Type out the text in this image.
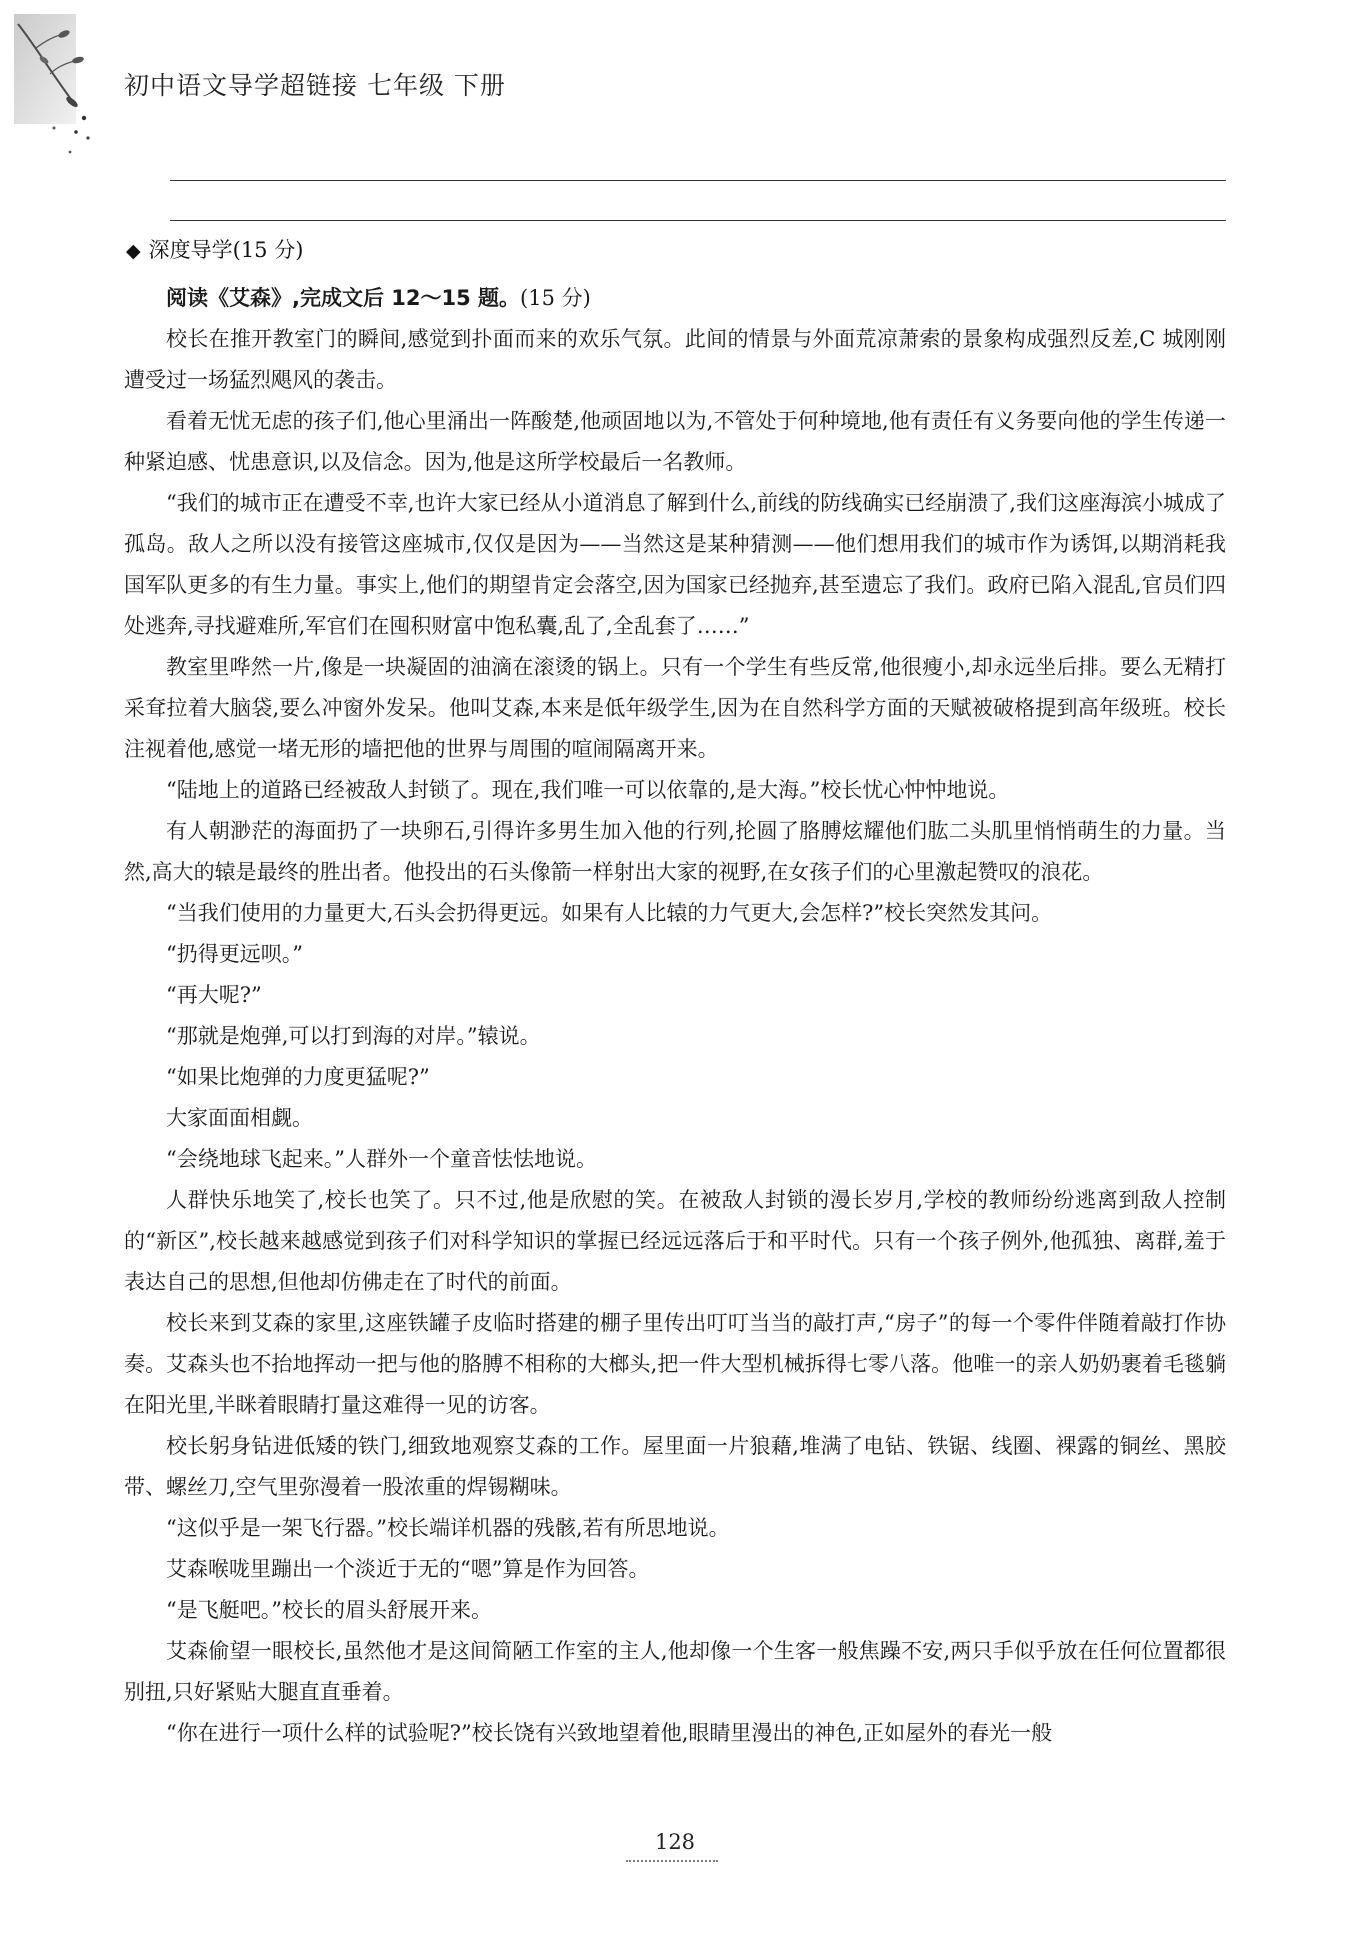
初中语文导学超链接 七年级 下册
◆ 深度导学(15 分)

阅读《艾森》,完成文后 12～15 题。(15 分)

校长在推开教室门的瞬间,感觉到扑面而来的欢乐气氛。此间的情景与外面荒凉萧索的景象构成强烈反差,C 城刚刚遭受过一场猛烈飓风的袭击。

看着无忧无虑的孩子们,他心里涌出一阵酸楚,他顽固地以为,不管处于何种境地,他有责任有义务要向他的学生传递一种紧迫感、忧患意识,以及信念。因为,他是这所学校最后一名教师。

“我们的城市正在遭受不幸,也许大家已经从小道消息了解到什么,前线的防线确实已经崩溃了,我们这座海滨小城成了孤岛。敌人之所以没有接管这座城市,仅仅是因为——当然这是某种猜测——他们想用我们的城市作为诱饵,以期消耗我国军队更多的有生力量。事实上,他们的期望肯定会落空,因为国家已经抛弃,甚至遗忘了我们。政府已陷入混乱,官员们四处逃奔,寻找避难所,军官们在囤积财富中饱私囊,乱了,全乱套了……”

教室里哗然一片,像是一块凝固的油滴在滚烫的锅上。只有一个学生有些反常,他很瘦小,却永远坐后排。要么无精打采耷拉着大脑袋,要么冲窗外发呆。他叫艾森,本来是低年级学生,因为在自然科学方面的天赋被破格提到高年级班。校长注视着他,感觉一堵无形的墙把他的世界与周围的喧闹隔离开来。

“陆地上的道路已经被敌人封锁了。现在,我们唯一可以依靠的,是大海。”校长忧心忡忡地说。

有人朝渺茫的海面扔了一块卵石,引得许多男生加入他的行列,抡圆了胳膊炫耀他们肱二头肌里悄悄萌生的力量。当然,高大的辕是最终的胜出者。他投出的石头像箭一样射出大家的视野,在女孩子们的心里激起赞叹的浪花。

“当我们使用的力量更大,石头会扔得更远。如果有人比辕的力气更大,会怎样?”校长突然发其问。

“扔得更远呗。”

“再大呢?”

“那就是炮弹,可以打到海的对岸。”辕说。

“如果比炮弹的力度更猛呢?”

大家面面相觑。

“会绕地球飞起来。”人群外一个童音怯怯地说。

人群快乐地笑了,校长也笑了。只不过,他是欣慰的笑。在被敌人封锁的漫长岁月,学校的教师纷纷逃离到敌人控制的“新区”,校长越来越感觉到孩子们对科学知识的掌握已经远远落后于和平时代。只有一个孩子例外,他孤独、离群,羞于表达自己的思想,但他却仿佛走在了时代的前面。

校长来到艾森的家里,这座铁罐子皮临时搭建的棚子里传出叮叮当当的敲打声,“房子”的每一个零件伴随着敲打作协奏。艾森头也不抬地挥动一把与他的胳膊不相称的大榔头,把一件大型机械拆得七零八落。他唯一的亲人奶奶裹着毛毯躺在阳光里,半眯着眼睛打量这难得一见的访客。

校长躬身钻进低矮的铁门,细致地观察艾森的工作。屋里面一片狼藉,堆满了电钻、铁锯、线圈、裸露的铜丝、黑胶带、螺丝刀,空气里弥漫着一股浓重的焊锡糊味。

“这似乎是一架飞行器。”校长端详机器的残骸,若有所思地说。

艾森喉咙里蹦出一个淡近于无的“嗯”算是作为回答。

“是飞艇吧。”校长的眉头舒展开来。

艾森偷望一眼校长,虽然他才是这间简陋工作室的主人,他却像一个生客一般焦躁不安,两只手似乎放在任何位置都很别扭,只好紧贴大腿直直垂着。

“你在进行一项什么样的试验呢?”校长饶有兴致地望着他,眼睛里漫出的神色,正如屋外的春光一般

128
